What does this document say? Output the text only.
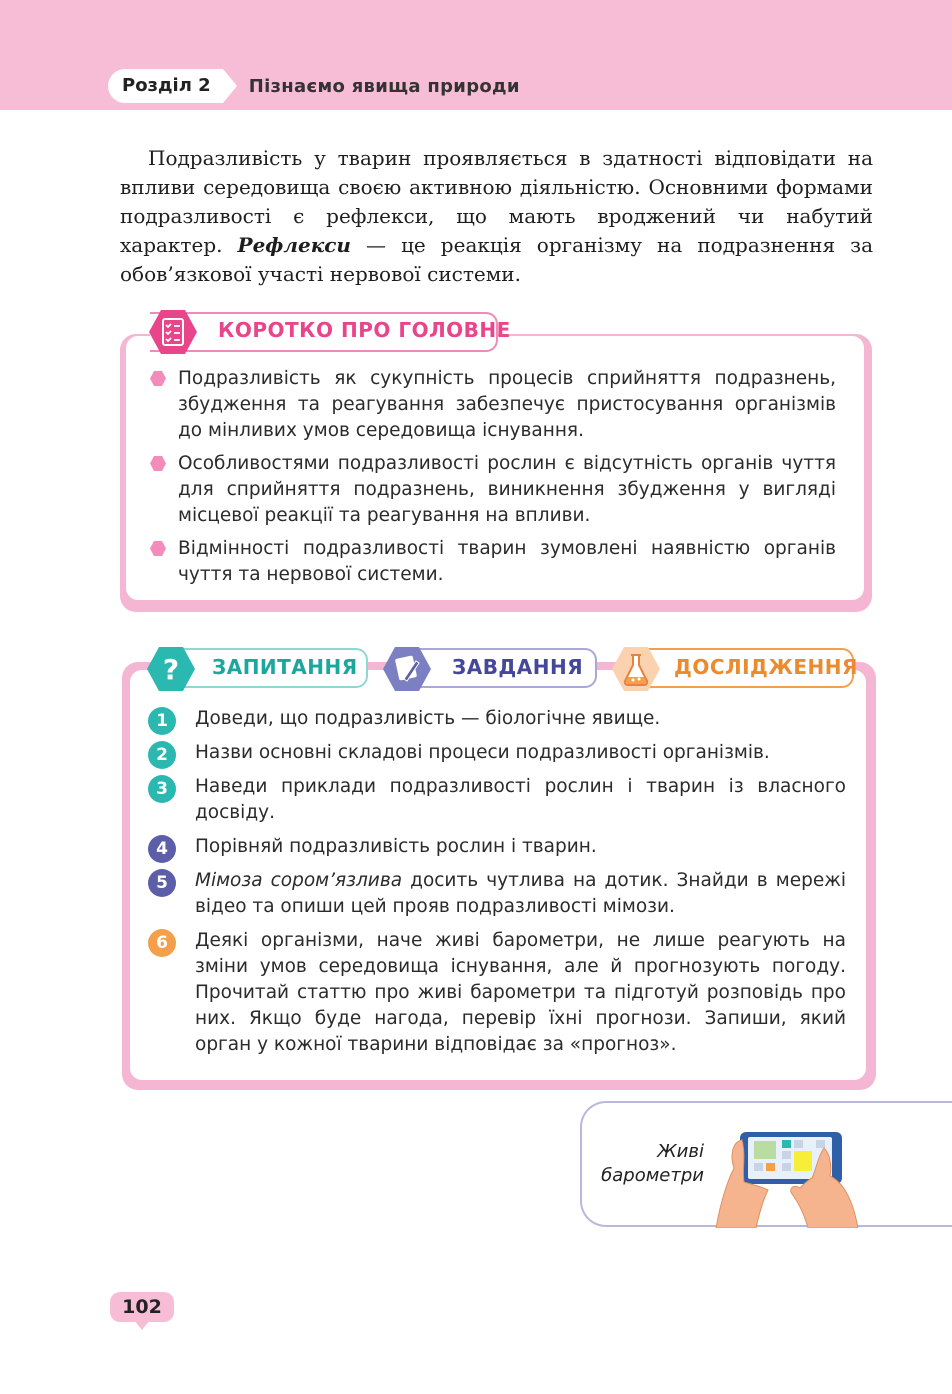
Розділ 2	Пізнаємо явища природи

Подразливість у тварин проявляється в здатності відповідати на впливи середовища своєю активною діяльністю. Основними формами подразливості є рефлекси, що мають вроджений чи набутий характер. Рефлекси — це реакція організму на подразнення за обов’язкової участі нервової системи.

КОРОТКО ПРО ГОЛОВНЕ
Подразливість як сукупність процесів сприйняття подразнень, збудження та реагування забезпечує пристосування організмів до мінливих умов середовища існування.
Особливостями подразливості рослин є відсутність органів чуття для сприйняття подразнень, виникнення збудження у вигляді місцевої реакції та реагування на впливи.
Відмінності подразливості тварин зумовлені наявністю органів чуття та нервової системи.
? ЗАПИТАННЯ	ЗАВДАННЯ	ДОСЛІДЖЕННЯ
1	Доведи, що подразливість — біологічне явище.
2	Назви основні складові процеси подразливості організмів.
3	Наведи приклади подразливості рослин і тварин із власного досвіду.
4	Порівняй подразливість рослин і тварин.
5	Мімоза сором’язлива досить чутлива на дотик. Знайди в мережі відео та опиши цей прояв подразливості мімози.
6	Деякі організми, наче живі барометри, не лише реагують на зміни умов середовища існування, але й прогнозують погоду. Прочитай статтю про живі барометри та підготуй розповідь про них. Якщо буде нагода, перевір їхні прогнози. Запиши, який орган у кожної тварини відповідає за «прогноз».
Живі
барометри
102
